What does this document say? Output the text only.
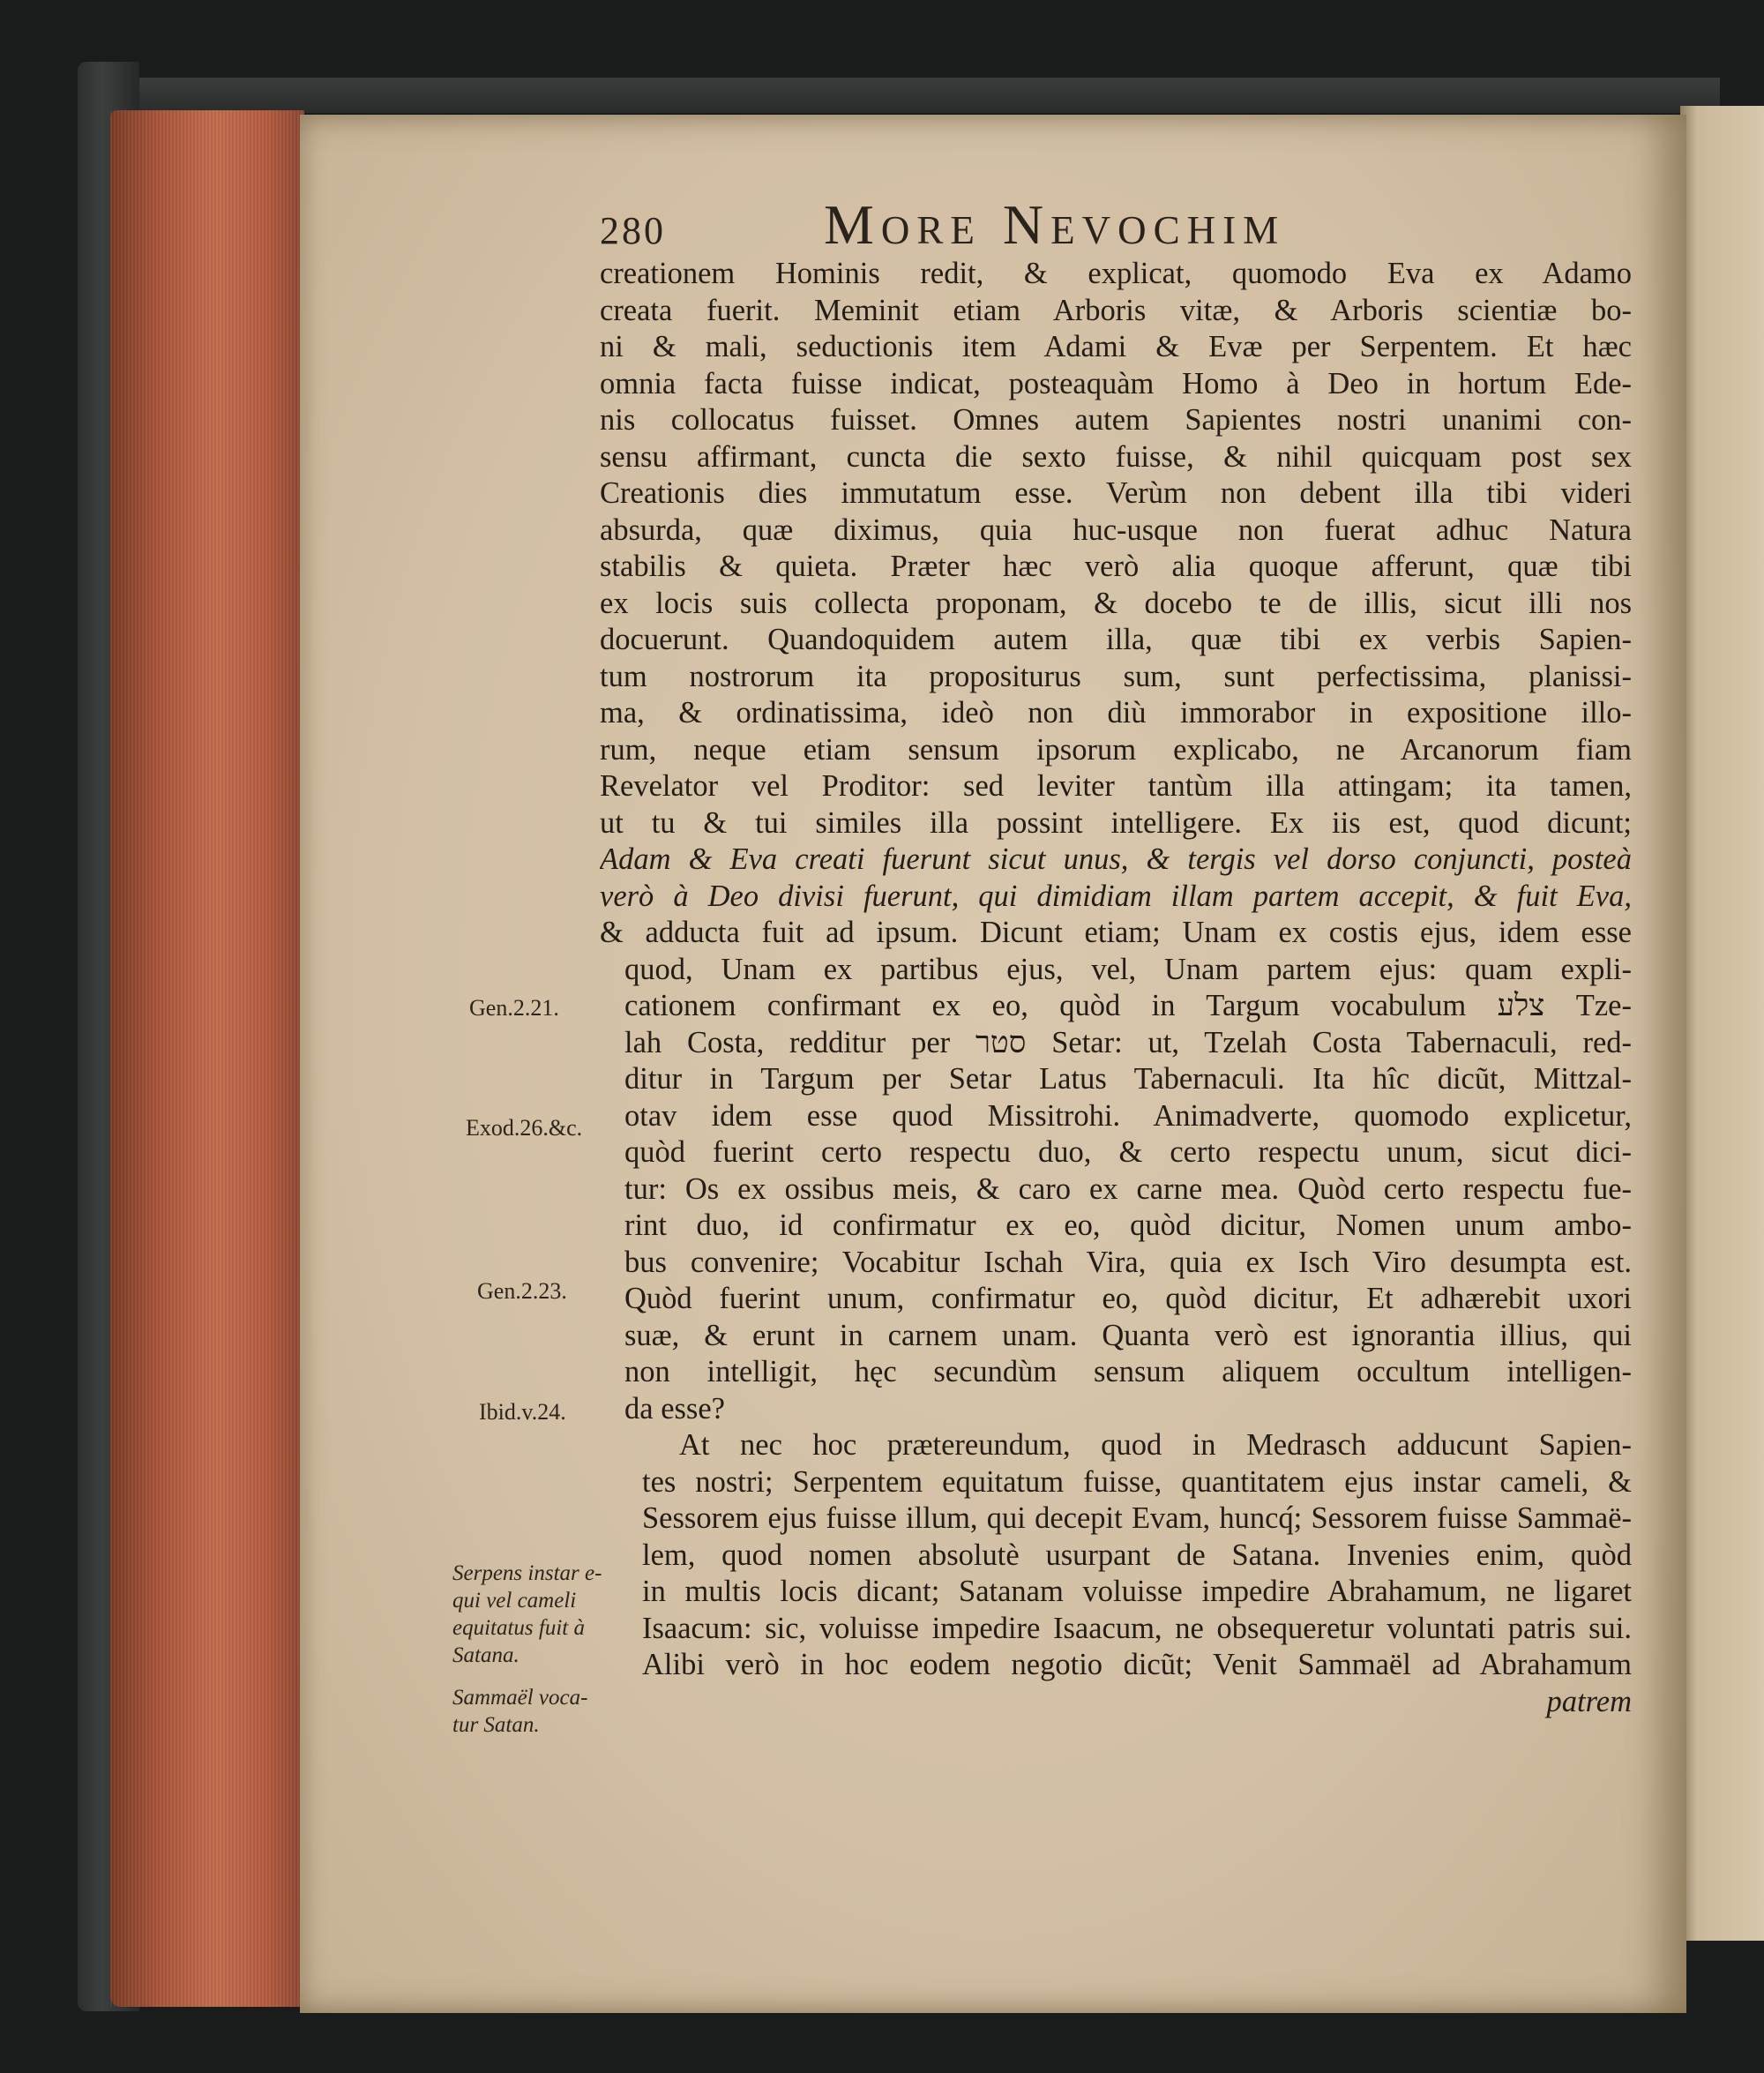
280	More Nevochim
Gen.2.21.
Exod.26.&c.
Gen.2.23.
Ibid.v.24.
Serpens instar e-
qui vel cameli
equitatus fuit à
Satana.
Sammaël voca-
tur Satan.
creationem Hominis redit, & explicat, quomodo Eva ex Adamo
creata fuerit. Meminit etiam Arboris vitæ, & Arboris scientiæ bo-
ni & mali, seductionis item Adami & Evæ per Serpentem. Et hæc
omnia facta fuisse indicat, posteaquàm Homo à Deo in hortum Ede-
nis collocatus fuisset. Omnes autem Sapientes nostri unanimi con-
sensu affirmant, cuncta die sexto fuisse, & nihil quicquam post sex
Creationis dies immutatum esse. Verùm non debent illa tibi videri
absurda, quæ diximus, quia huc-usque non fuerat adhuc Natura
stabilis & quieta. Præter hæc verò alia quoque afferunt, quæ tibi
ex locis suis collecta proponam, & docebo te de illis, sicut illi nos
docuerunt. Quandoquidem autem illa, quæ tibi ex verbis Sapien-
tum nostrorum ita propositurus sum, sunt perfectissima, planissi-
ma, & ordinatissima, ideò non diù immorabor in expositione illo-
rum, neque etiam sensum ipsorum explicabo, ne Arcanorum fiam
Revelator vel Proditor: sed leviter tantùm illa attingam; ita tamen,
ut tu & tui similes illa possint intelligere. Ex iis est, quod dicunt;
Adam & Eva creati fuerunt sicut unus, & tergis vel dorso conjuncti, posteà
verò à Deo divisi fuerunt, qui dimidiam illam partem accepit, & fuit Eva,
& adducta fuit ad ipsum. Dicunt etiam; Unam ex costis ejus, idem esse
quod, Unam ex partibus ejus, vel, Unam partem ejus: quam expli-
cationem confirmant ex eo, quòd in Targum vocabulum צלע Tze-
lah Costa, redditur per סטר Setar: ut, Tzelah Costa Tabernaculi, red-
ditur in Targum per Setar Latus Tabernaculi. Ita hîc dicũt, Mittzal-
otav idem esse quod Missitrohi. Animadverte, quomodo explicetur,
quòd fuerint certo respectu duo, & certo respectu unum, sicut dici-
tur: Os ex ossibus meis, & caro ex carne mea. Quòd certo respectu fue-
rint duo, id confirmatur ex eo, quòd dicitur, Nomen unum ambo-
bus convenire; Vocabitur Ischah Vira, quia ex Isch Viro desumpta est.
Quòd fuerint unum, confirmatur eo, quòd dicitur, Et adhærebit uxori
suæ, & erunt in carnem unam. Quanta verò est ignorantia illius, qui
non intelligit, hęc secundùm sensum aliquem occultum intelligen-
da esse?
At nec hoc prætereundum, quod in Medrasch adducunt Sapien-
tes nostri; Serpentem equitatum fuisse, quantitatem ejus instar cameli, &
Sessorem ejus fuisse illum, qui decepit Evam, huncq́; Sessorem fuisse Sammaë-
lem, quod nomen absolutè usurpant de Satana. Invenies enim, quòd
in multis locis dicant; Satanam voluisse impedire Abrahamum, ne ligaret
Isaacum: sic, voluisse impedire Isaacum, ne obsequeretur voluntati patris sui.
Alibi verò in hoc eodem negotio dicũt; Venit Sammaël ad Abrahamum
patrem
